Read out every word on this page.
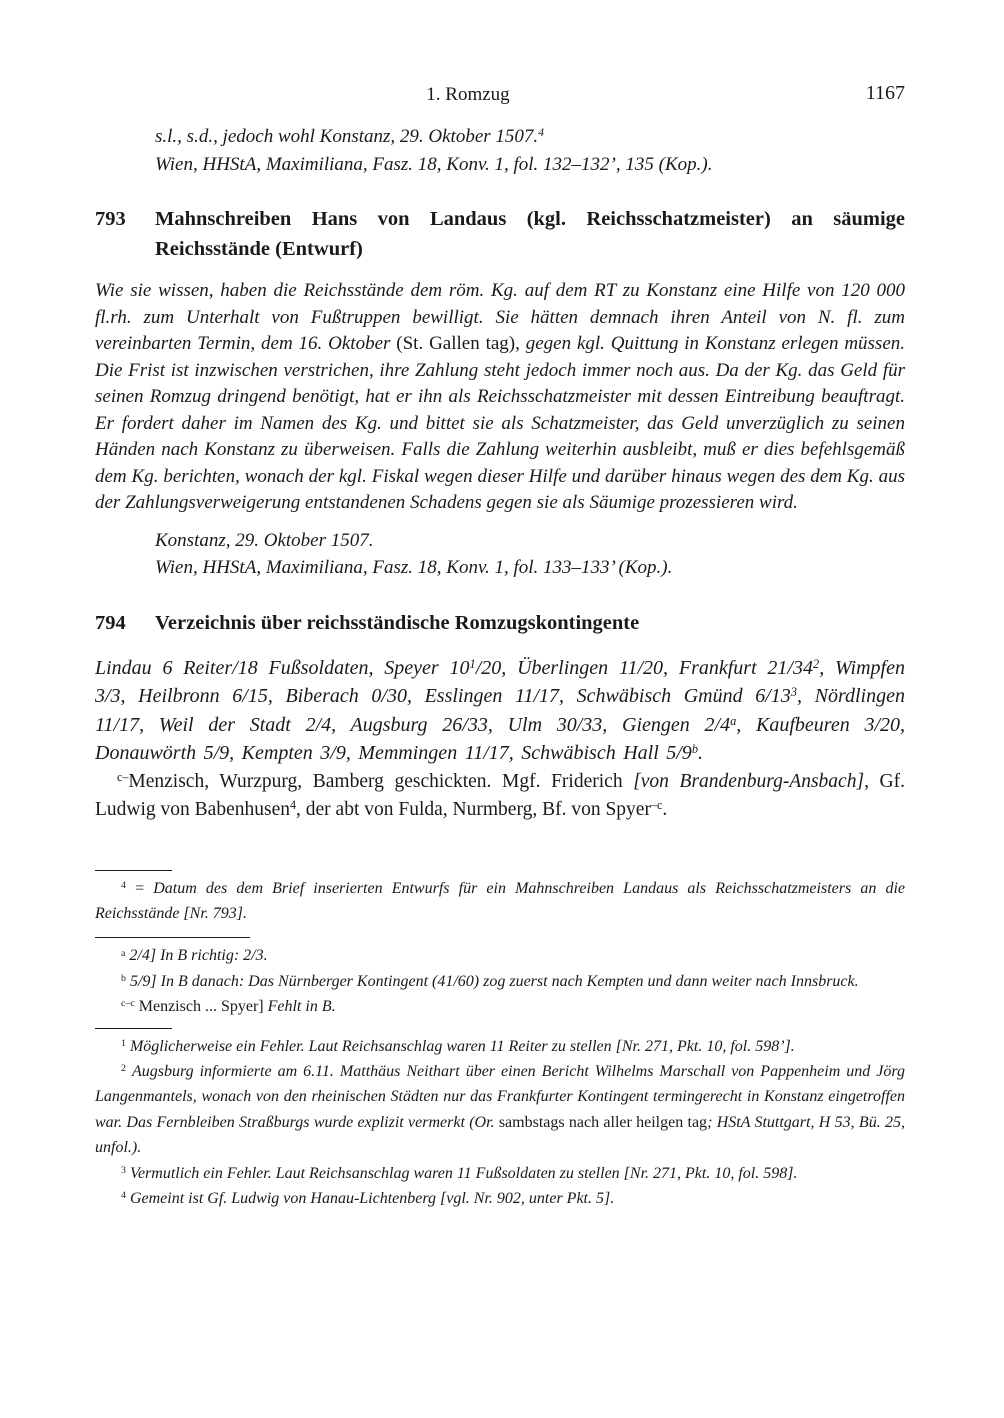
1. Romzug	1167
s.l., s.d., jedoch wohl Konstanz, 29. Oktober 1507.$^4$
Wien, HHStA, Maximiliana, Fasz. 18, Konv. 1, fol. 132–132’, 135 (Kop.).
793	Mahnschreiben Hans von Landaus (kgl. Reichsschatzmeister) an säumige Reichsstände (Entwurf)
Wie sie wissen, haben die Reichsstände dem röm. Kg. auf dem RT zu Konstanz eine Hilfe von 120 000 fl.rh. zum Unterhalt von Fußtruppen bewilligt. Sie hätten demnach ihren Anteil von N. fl. zum vereinbarten Termin, dem 16. Oktober (St. Gallen tag), gegen kgl. Quittung in Konstanz erlegen müssen. Die Frist ist inzwischen verstrichen, ihre Zahlung steht jedoch immer noch aus. Da der Kg. das Geld für seinen Romzug dringend benötigt, hat er ihn als Reichsschatzmeister mit dessen Eintreibung beauftragt. Er fordert daher im Namen des Kg. und bittet sie als Schatzmeister, das Geld unverzüglich zu seinen Händen nach Konstanz zu überweisen. Falls die Zahlung weiterhin ausbleibt, muß er dies befehlsgemäß dem Kg. berichten, wonach der kgl. Fiskal wegen dieser Hilfe und darüber hinaus wegen des dem Kg. aus der Zahlungsverweigerung entstandenen Schadens gegen sie als Säumige prozessieren wird.
Konstanz, 29. Oktober 1507.
Wien, HHStA, Maximiliana, Fasz. 18, Konv. 1, fol. 133–133’ (Kop.).
794	Verzeichnis über reichsständische Romzugskontingente
Lindau 6 Reiter/18 Fußsoldaten, Speyer $10^1/20$, Überlingen 11/20, Frankfurt $21/34^2$, Wimpfen 3/3, Heilbronn 6/15, Biberach 0/30, Esslingen 11/17, Schwäbisch Gmünd $6/13^3$, Nördlingen 11/17, Weil der Stadt 2/4, Augsburg 26/33, Ulm 30/33, Giengen 2/4$^a$, Kaufbeuren 3/20, Donauwörth 5/9, Kempten 3/9, Memmingen 11/17, Schwäbisch Hall 5/9$^b$.
$^{c-}$Menzisch, Wurzpurg, Bamberg geschickten. Mgf. Friderich [von Brandenburg-Ansbach], Gf. Ludwig von Babenhusen$^4$, der abt von Fulda, Nurmberg, Bf. von Spyer$^{-c}$.
$^4$ = Datum des dem Brief inserierten Entwurfs für ein Mahnschreiben Landaus als Reichsschatzmeisters an die Reichsstände [Nr. 793].
$^a$ 2/4] In B richtig: 2/3.
$^b$ 5/9] In B danach: Das Nürnberger Kontingent (41/60) zog zuerst nach Kempten und dann weiter nach Innsbruck.
$^{c-c}$ Menzisch ... Spyer] Fehlt in B.
$^1$ Möglicherweise ein Fehler. Laut Reichsanschlag waren 11 Reiter zu stellen [Nr. 271, Pkt. 10, fol. 598’].
$^2$ Augsburg informierte am 6.11. Matthäus Neithart über einen Bericht Wilhelms Marschall von Pappenheim und Jörg Langenmantels, wonach von den rheinischen Städten nur das Frankfurter Kontingent termingerecht in Konstanz eingetroffen war. Das Fernbleiben Straßburgs wurde explizit vermerkt (Or. sambstags nach aller heilgen tag; HStA Stuttgart, H 53, Bü. 25, unfol.).
$^3$ Vermutlich ein Fehler. Laut Reichsanschlag waren 11 Fußsoldaten zu stellen [Nr. 271, Pkt. 10, fol. 598].
$^4$ Gemeint ist Gf. Ludwig von Hanau-Lichtenberg [vgl. Nr. 902, unter Pkt. 5].
